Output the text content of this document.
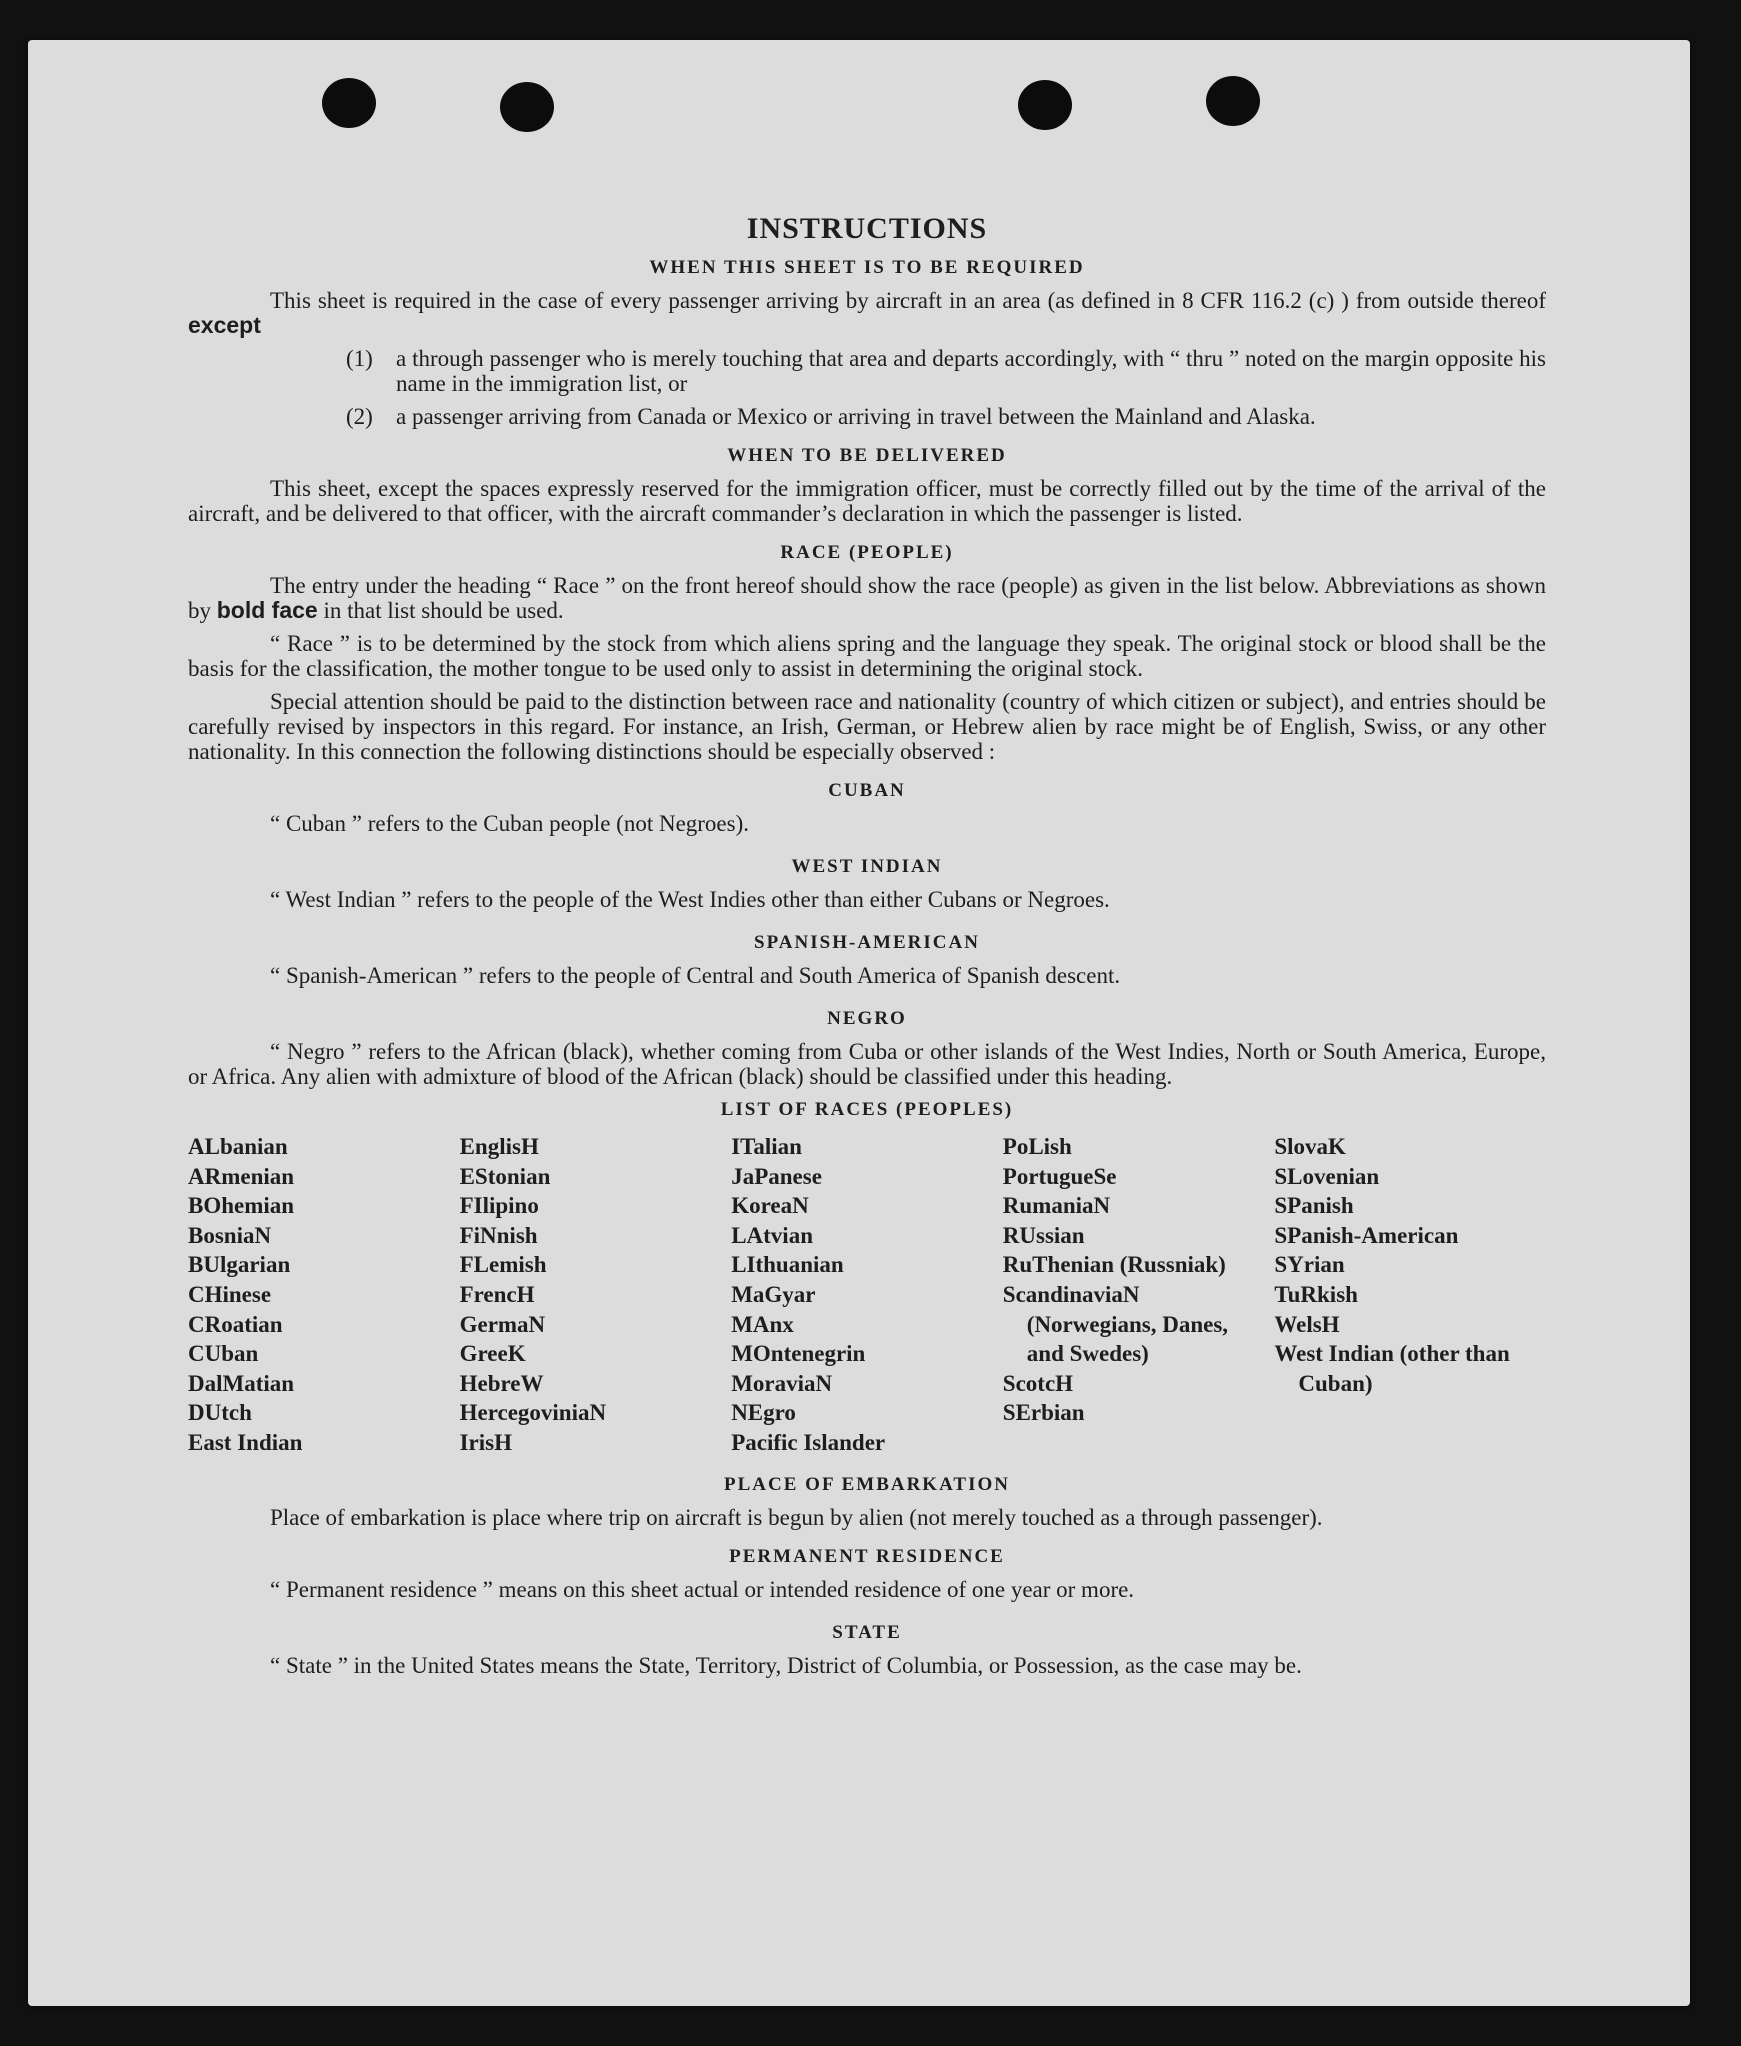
INSTRUCTIONS
WHEN THIS SHEET IS TO BE REQUIRED

This sheet is required in the case of every passenger arriving by aircraft in an area (as defined in 8 CFR 116.2 (c) ) from outside thereof except

(1)	a through passenger who is merely touching that area and departs accordingly, with “ thru ” noted on the margin opposite his name in the immigration list, or
(2)	a passenger arriving from Canada or Mexico or arriving in travel between the Mainland and Alaska.
WHEN TO BE DELIVERED

This sheet, except the spaces expressly reserved for the immigration officer, must be correctly filled out by the time of the arrival of the aircraft, and be delivered to that officer, with the aircraft commander’s declaration in which the passenger is listed.

RACE (PEOPLE)

The entry under the heading “ Race ” on the front hereof should show the race (people) as given in the list below. Abbreviations as shown by bold face in that list should be used.

“ Race ” is to be determined by the stock from which aliens spring and the language they speak. The original stock or blood shall be the basis for the classification, the mother tongue to be used only to assist in determining the original stock.

Special attention should be paid to the distinction between race and nationality (country of which citizen or subject), and entries should be carefully revised by inspectors in this regard. For instance, an Irish, German, or Hebrew alien by race might be of English, Swiss, or any other nationality. In this connection the following distinctions should be especially observed :

CUBAN

“ Cuban ” refers to the Cuban people (not Negroes).

WEST INDIAN

“ West Indian ” refers to the people of the West Indies other than either Cubans or Negroes.

SPANISH-AMERICAN

“ Spanish-American ” refers to the people of Central and South America of Spanish descent.

NEGRO

“ Negro ” refers to the African (black), whether coming from Cuba or other islands of the West Indies, North or South America, Europe, or Africa. Any alien with admixture of blood of the African (black) should be classified under this heading.

LIST OF RACES (PEOPLES)
ALbanian
ARmenian
BOhemian
BosniaN
BUlgarian
CHinese
CRoatian
CUban
DalMatian
DUtch
East Indian
EnglisH
EStonian
FIlipino
FiNnish
FLemish
FrencH
GermaN
GreeK
HebreW
HercegoviniaN
IrisH
ITalian
JaPanese
KoreaN
LAtvian
LIthuanian
MaGyar
MAnx
MOntenegrin
MoraviaN
NEgro
Pacific Islander
PoLish
PortugueSe
RumaniaN
RUssian
RuThenian (Russniak)
ScandinaviaN (Norwegians, Danes, and Swedes)
ScotcH
SErbian
SlovaK
SLovenian
SPanish
SPanish-American
SYrian
TuRkish
WelsH
West Indian (other than Cuban)
PLACE OF EMBARKATION

Place of embarkation is place where trip on aircraft is begun by alien (not merely touched as a through passenger).

PERMANENT RESIDENCE

“ Permanent residence ” means on this sheet actual or intended residence of one year or more.

STATE

“ State ” in the United States means the State, Territory, District of Columbia, or Possession, as the case may be.
